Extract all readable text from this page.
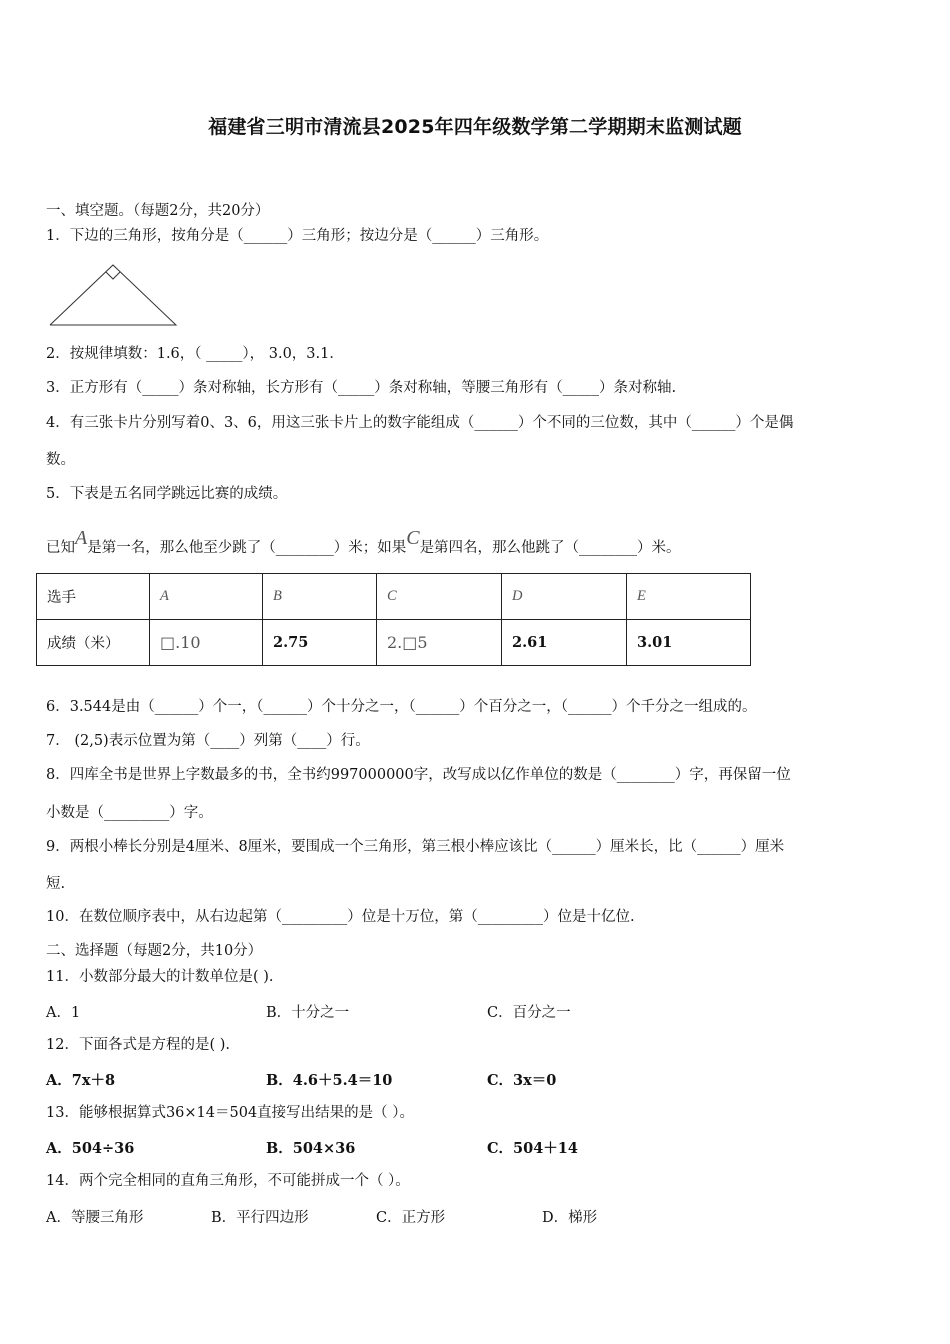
福建省三明市清流县2025年四年级数学第二学期期末监测试题
一、填空题。（每题2分，共20分）
1．下边的三角形，按角分是（______）三角形；按边分是（______）三角形。
2．按规律填数：1.6，（ _____）， 3.0，3.1．
3．正方形有（_____）条对称轴，长方形有（_____）条对称轴，等腰三角形有（_____）条对称轴.
4．有三张卡片分别写着0、3、6，用这三张卡片上的数字能组成（______）个不同的三位数，其中（______）个是偶
数。
5．下表是五名同学跳远比赛的成绩。
已知A是第一名，那么他至少跳了（________）米；如果C是第四名，那么他跳了（________）米。
选手	A	B	C	D	E
成绩（米）	□.10	2.75	2.□5	2.61	3.01
6．3.544是由（______）个一，（______）个十分之一，（______）个百分之一，（______）个千分之一组成的。
7． (2,5)表示位置为第（____）列第（____）行。
8．四库全书是世界上字数最多的书，全书约997000000字，改写成以亿作单位的数是（________）字，再保留一位
小数是（_________）字。
9．两根小棒长分别是4厘米、8厘米，要围成一个三角形，第三根小棒应该比（______）厘米长，比（______）厘米
短.
10．在数位顺序表中，从右边起第（_________）位是十万位，第（_________）位是十亿位.
二、选择题（每题2分，共10分）
11．小数部分最大的计数单位是( ).
A．1	B．十分之一	C．百分之一
12．下面各式是方程的是( ).
A．7x＋8	B．4.6＋5.4＝10	C．3x＝0
13．能够根据算式36×14＝504直接写出结果的是（ ）。
A．504÷36	B．504×36	C．504＋14
14．两个完全相同的直角三角形，不可能拼成一个（ ）。
A．等腰三角形	B．平行四边形	C．正方形	D．梯形
